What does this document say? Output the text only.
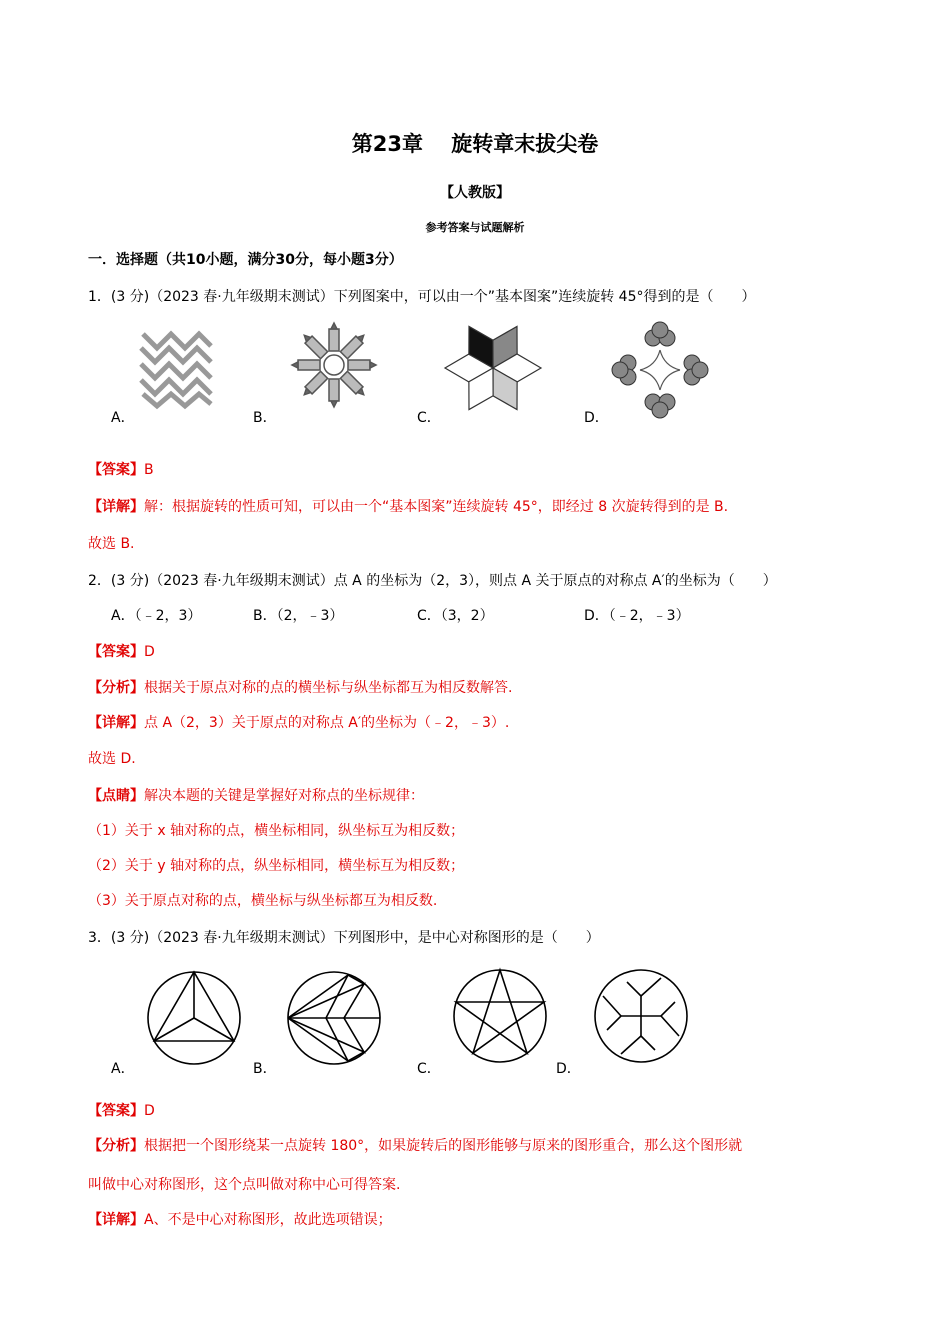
第23章　 旋转章末拔尖卷
【人教版】
参考答案与试题解析
一．选择题（共10小题，满分30分，每小题3分）
1．(3 分)（2023 春·九年级期末测试）下列图案中，可以由一个”基本图案”连续旋转 45°得到的是（　　）
A．	B．	C．	D．
【答案】B
【详解】解：根据旋转的性质可知，可以由一个“基本图案”连续旋转 45°，即经过 8 次旋转得到的是 B.
故选 B.
2．(3 分)（2023 春·九年级期末测试）点 A 的坐标为（2，3），则点 A 关于原点的对称点 A′的坐标为（　　）
A．（﹣2，3）	B．（2，﹣3）	C．（3，2）	D．（﹣2，﹣3）
【答案】D
【分析】根据关于原点对称的点的横坐标与纵坐标都互为相反数解答.
【详解】点 A（2，3）关于原点的对称点 A′的坐标为（﹣2，﹣3）.
故选 D.
【点睛】解决本题的关键是掌握好对称点的坐标规律：
（1）关于 x 轴对称的点，横坐标相同，纵坐标互为相反数；
（2）关于 y 轴对称的点，纵坐标相同，横坐标互为相反数；
（3）关于原点对称的点，横坐标与纵坐标都互为相反数.
3．(3 分)（2023 春·九年级期末测试）下列图形中，是中心对称图形的是（　　）
A．	B．	C．	D．
【答案】D
【分析】根据把一个图形绕某一点旋转 180°，如果旋转后的图形能够与原来的图形重合，那么这个图形就
叫做中心对称图形，这个点叫做对称中心可得答案.
【详解】A、不是中心对称图形，故此选项错误；
